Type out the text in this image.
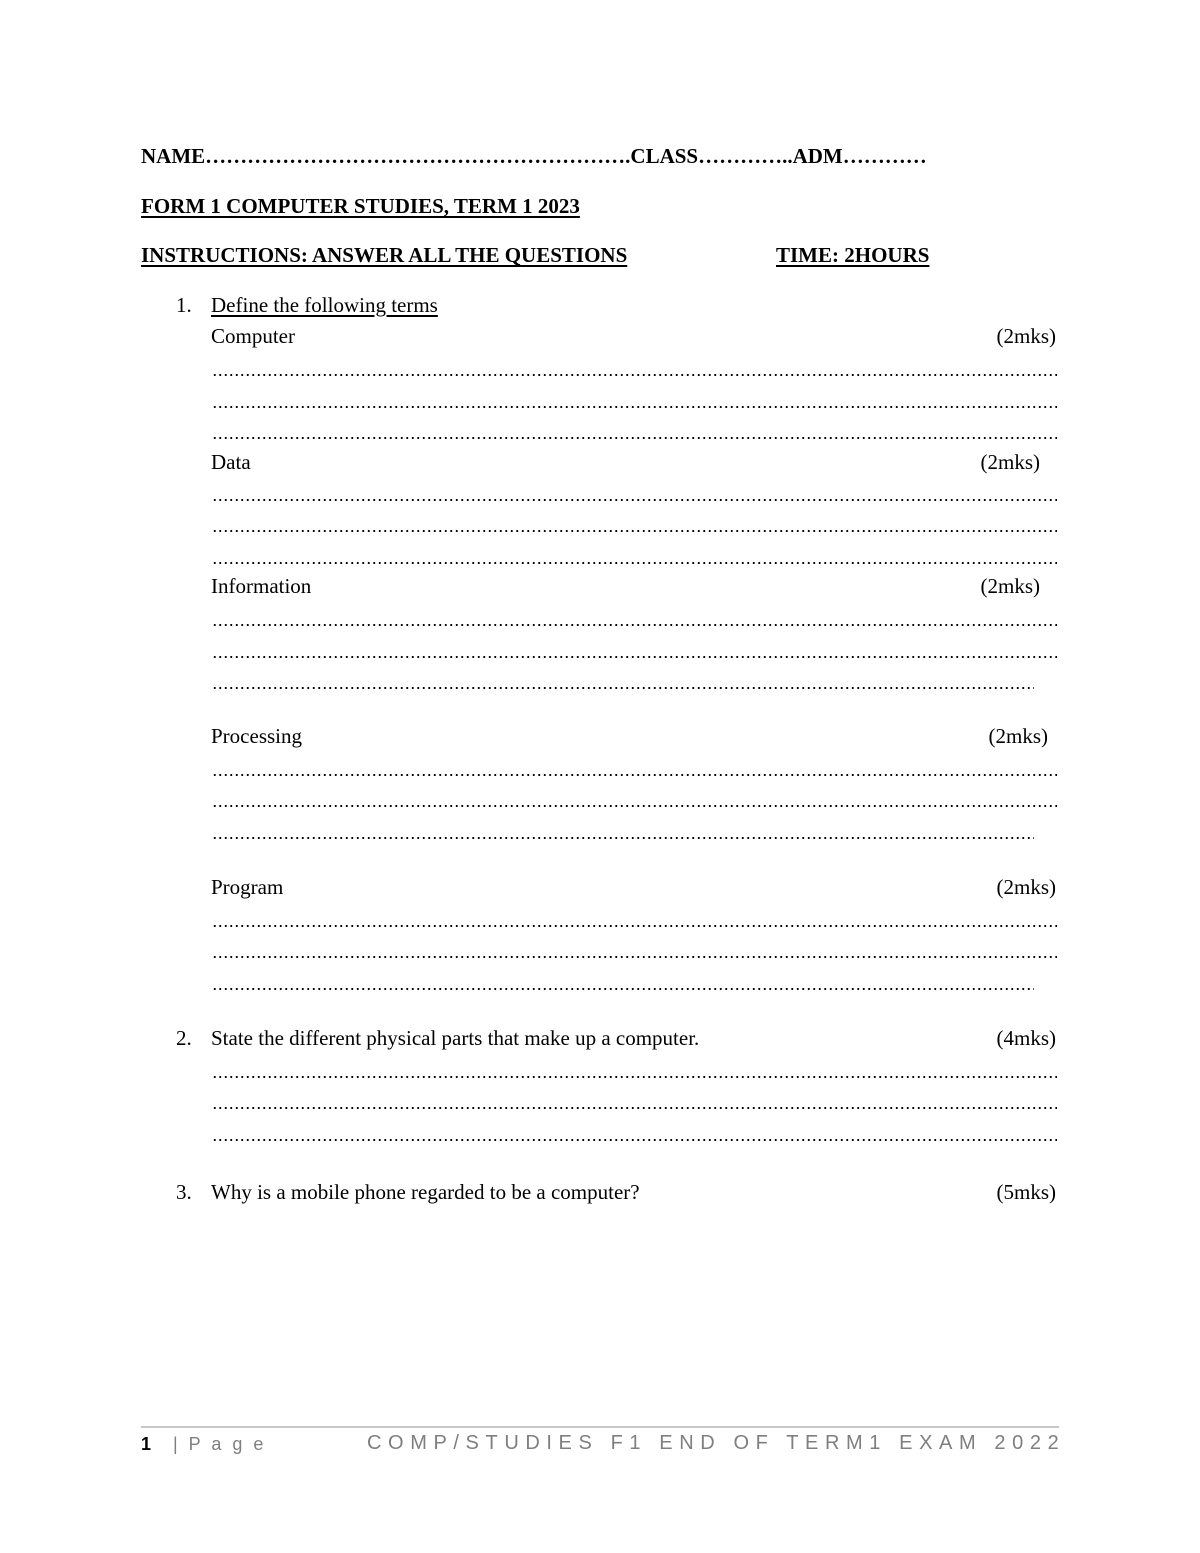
NAME…………………………………………………….CLASS…………..ADM…………
FORM 1 COMPUTER STUDIES, TERM 1 2023
INSTRUCTIONS: ANSWER ALL THE QUESTIONS	TIME: 2HOURS
1. Define the following terms
Computer	(2mks)
Data	(2mks)
Information	(2mks)
Processing	(2mks)
Program	(2mks)
2. State the different physical parts that make up a computer.	(4mks)
3. Why is a mobile phone regarded to be a computer?	(5mks)
1 | P a g e	COMP/STUDIES F1 END OF TERM1 EXAM 2022
